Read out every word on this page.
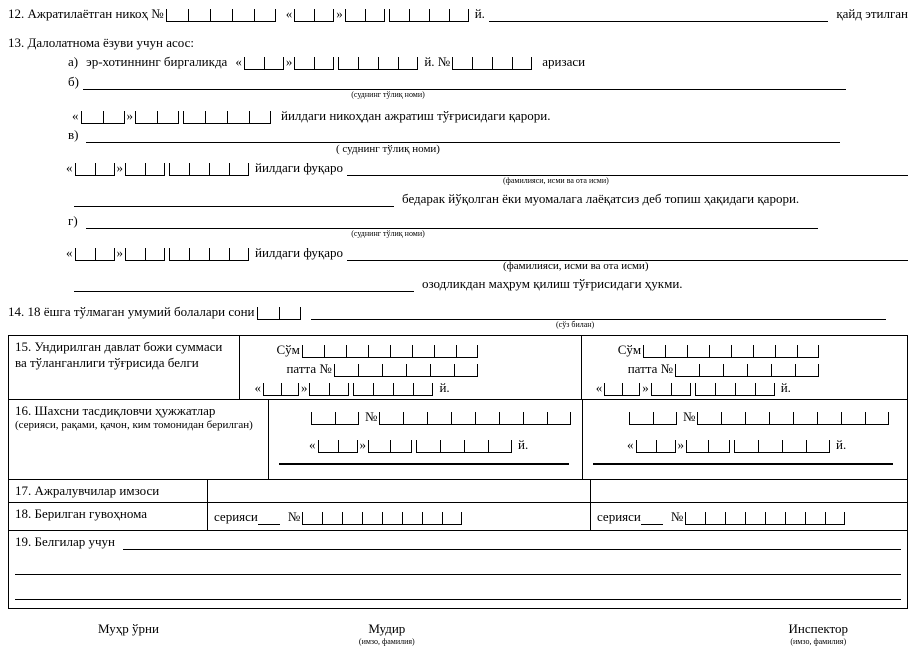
12. Ажратилаётган никоҳ №	«	»	й.	қайд этилган
13. Далолатнома ёзуви учун асос:
а) эр-хотиннинг биргаликда «	»	й. №	аризаси
б)
(суднинг тўлиқ номи)
«	»	йилдаги никоҳдан ажратиш тўғрисидаги қарори.
в)
( суднинг тўлиқ номи)
«	»	йилдаги фуқаро
(фамилияси, исми ва ота исми)
бедарак йўқолган ёки муомалага лаёқатсиз деб топиш ҳақидаги қарори.
г)
(суднинг тўлиқ номи)
«	»	йилдаги фуқаро
(фамилияси, исми ва ота исми)
озодликдан маҳрум қилиш тўғрисидаги ҳукми.
14. 18 ёшга тўлмаган умумий болалари сони
(сўз билан)
15. Ундирилган давлат божи суммаси ва тўланганлиги тўғрисида белги
Сўм
патта №
«	»	й.
Сўм
патта №
«	»	й.
16. Шахсни тасдиқловчи ҳужжатлар
(серияси, рақами, қачон, ким томонидан берилган)
№
«	»	й.
№
«	»	й.
17. Ажралувчилар имзоси
18. Берилган гувоҳнома	серияси №	серияси №
19. Белгилар учун
Муҳр ўрни	Мудир
(имзо, фамилия)
Инспектор
(имзо, фамилия)
